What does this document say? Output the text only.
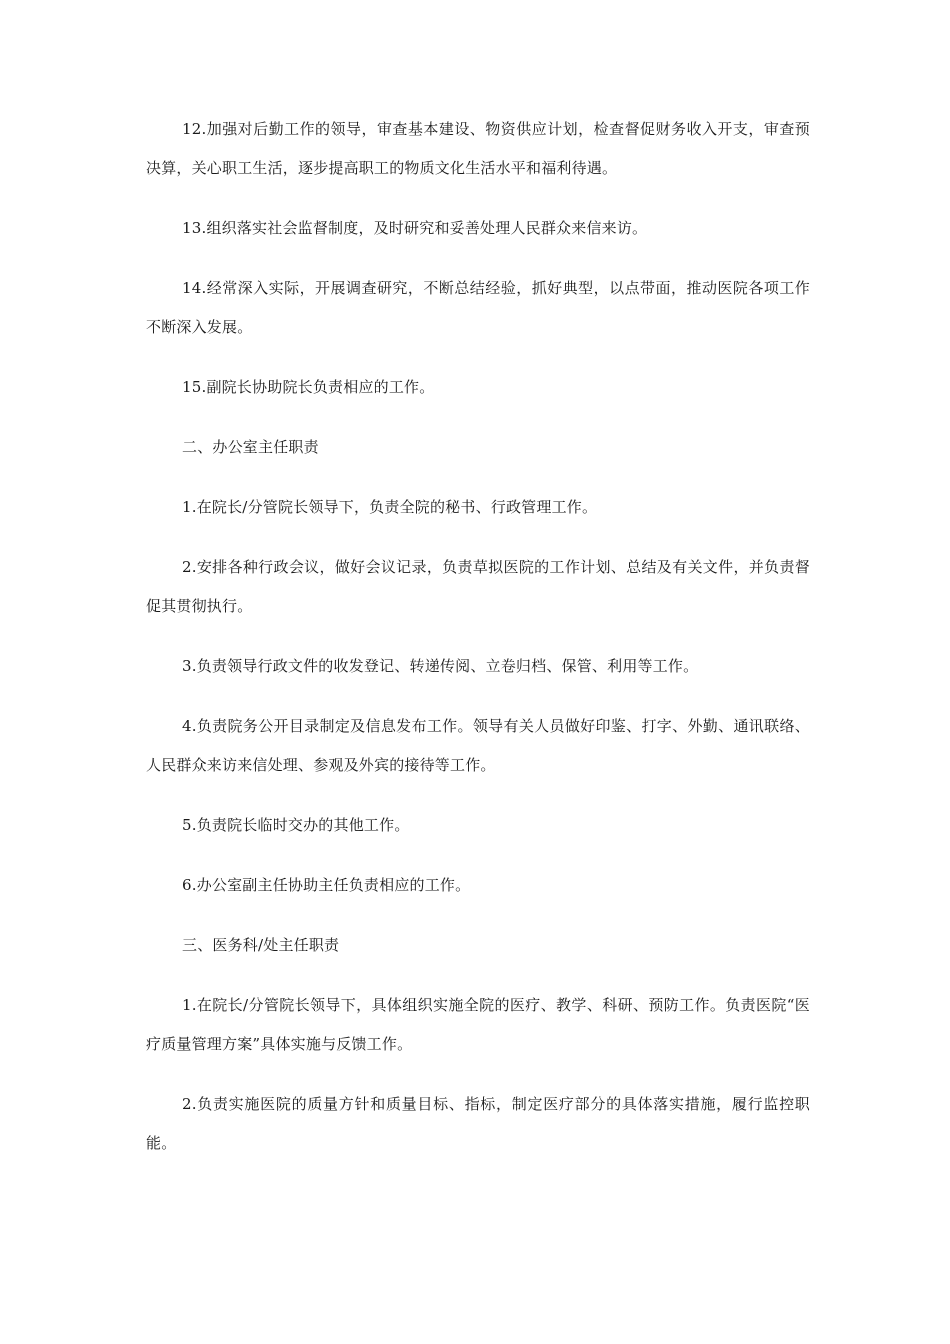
12.加强对后勤工作的领导，审查基本建设、物资供应计划，检查督促财务收入开支，审查预决算，关心职工生活，逐步提高职工的物质文化生活水平和福利待遇。

13.组织落实社会监督制度，及时研究和妥善处理人民群众来信来访。

14.经常深入实际，开展调查研究，不断总结经验，抓好典型，以点带面，推动医院各项工作不断深入发展。

15.副院长协助院长负责相应的工作。

二、办公室主任职责

1.在院长/分管院长领导下，负责全院的秘书、行政管理工作。

2.安排各种行政会议，做好会议记录，负责草拟医院的工作计划、总结及有关文件，并负责督促其贯彻执行。

3.负责领导行政文件的收发登记、转递传阅、立卷归档、保管、利用等工作。

4.负责院务公开目录制定及信息发布工作。领导有关人员做好印鉴、打字、外勤、通讯联络、人民群众来访来信处理、参观及外宾的接待等工作。

5.负责院长临时交办的其他工作。

6.办公室副主任协助主任负责相应的工作。

三、医务科/处主任职责

1.在院长/分管院长领导下，具体组织实施全院的医疗、教学、科研、预防工作。负责医院“医疗质量管理方案”具体实施与反馈工作。

2.负责实施医院的质量方针和质量目标、指标，制定医疗部分的具体落实措施，履行监控职能。
